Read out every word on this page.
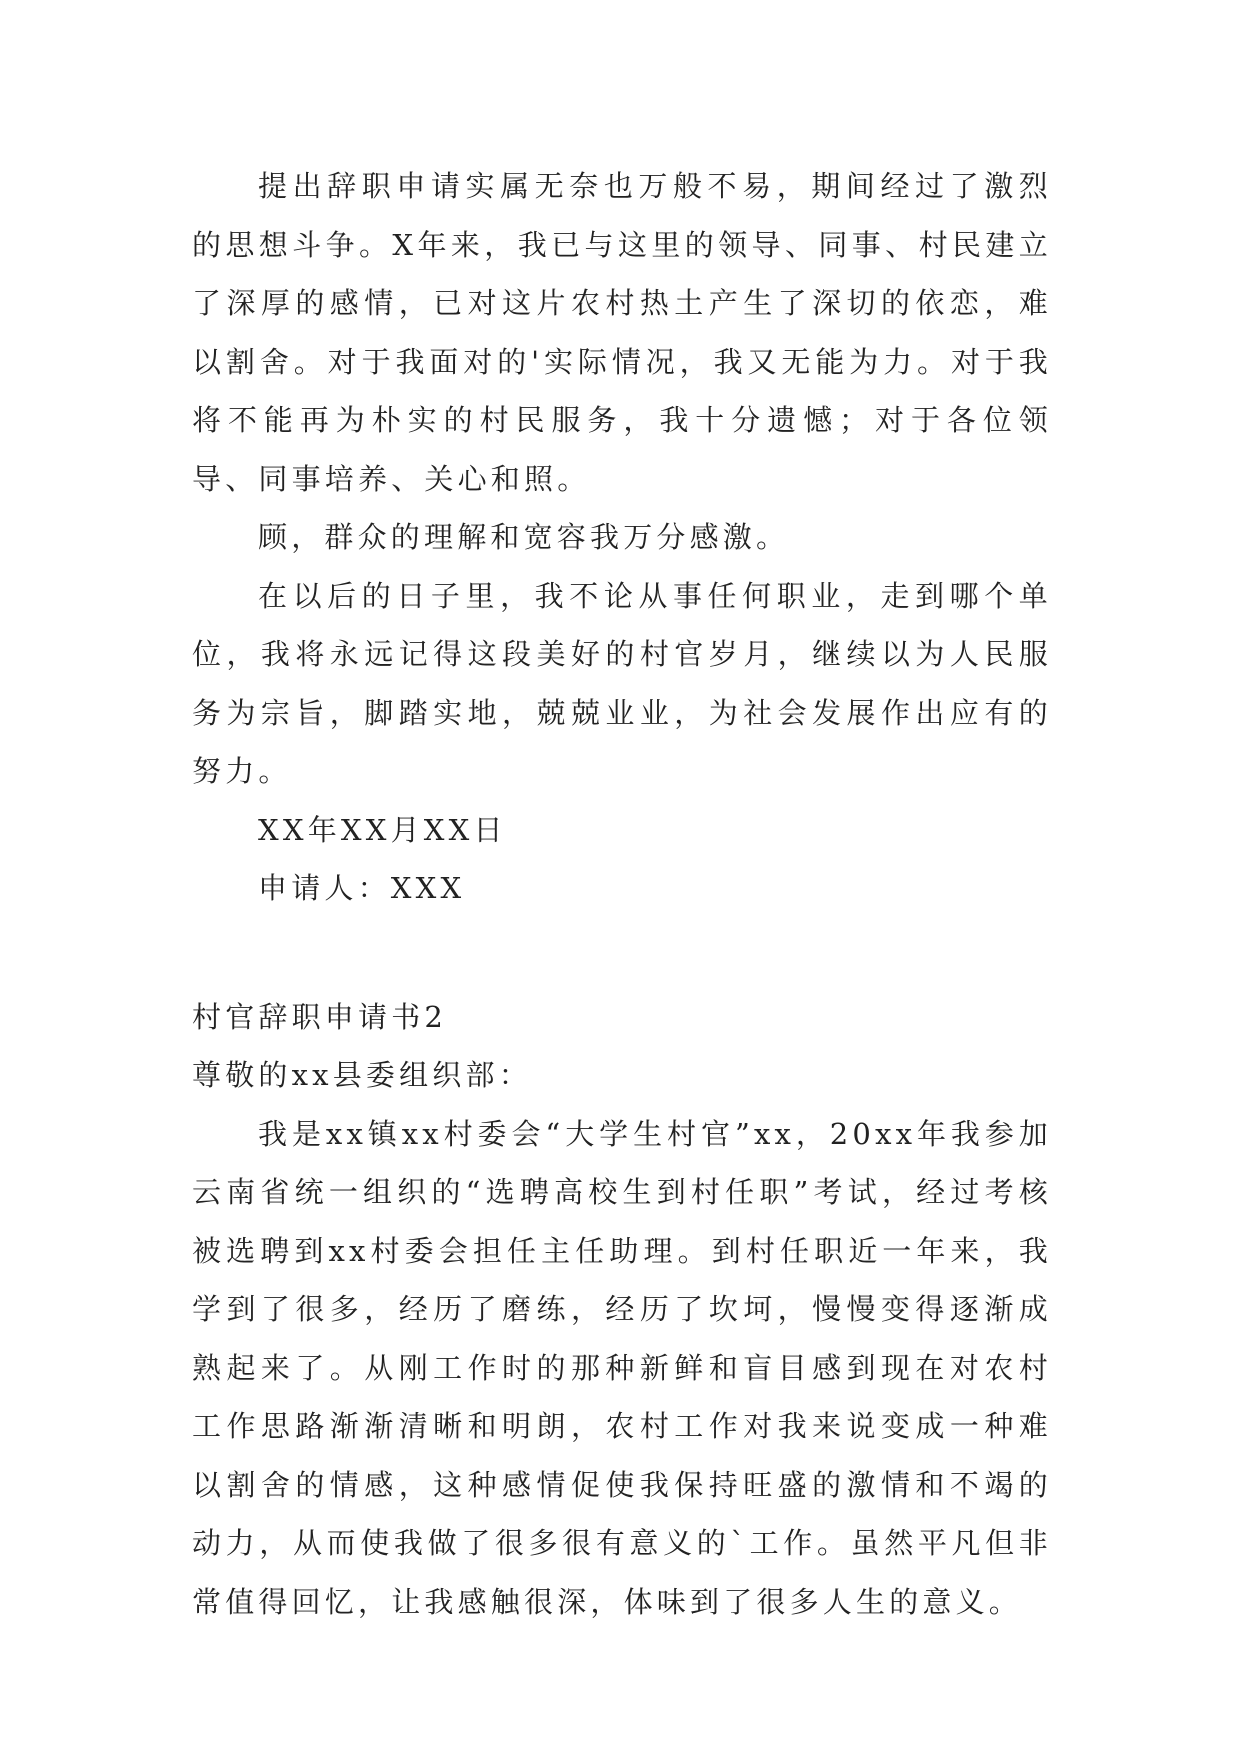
提出辞职申请实属无奈也万般不易，期间经过了激烈的思想斗争。X年来，我已与这里的领导、同事、村民建立了深厚的感情，已对这片农村热土产生了深切的依恋，难以割舍。对于我面对的'实际情况，我又无能为力。对于我将不能再为朴实的村民服务，我十分遗憾；对于各位领导、同事培养、关心和照。

顾，群众的理解和宽容我万分感激。

在以后的日子里，我不论从事任何职业，走到哪个单位，我将永远记得这段美好的村官岁月，继续以为人民服务为宗旨，脚踏实地，兢兢业业，为社会发展作出应有的努力。

XX年XX月XX日

申请人：XXX

村官辞职申请书2

尊敬的xx县委组织部：

我是xx镇xx村委会“大学生村官”xx，20xx年我参加云南省统一组织的“选聘高校生到村任职”考试，经过考核被选聘到xx村委会担任主任助理。到村任职近一年来，我学到了很多，经历了磨练，经历了坎坷，慢慢变得逐渐成熟起来了。从刚工作时的那种新鲜和盲目感到现在对农村工作思路渐渐清晰和明朗，农村工作对我来说变成一种难以割舍的情感，这种感情促使我保持旺盛的激情和不竭的动力，从而使我做了很多很有意义的`工作。虽然平凡但非常值得回忆，让我感触很深，体味到了很多人生的意义。
